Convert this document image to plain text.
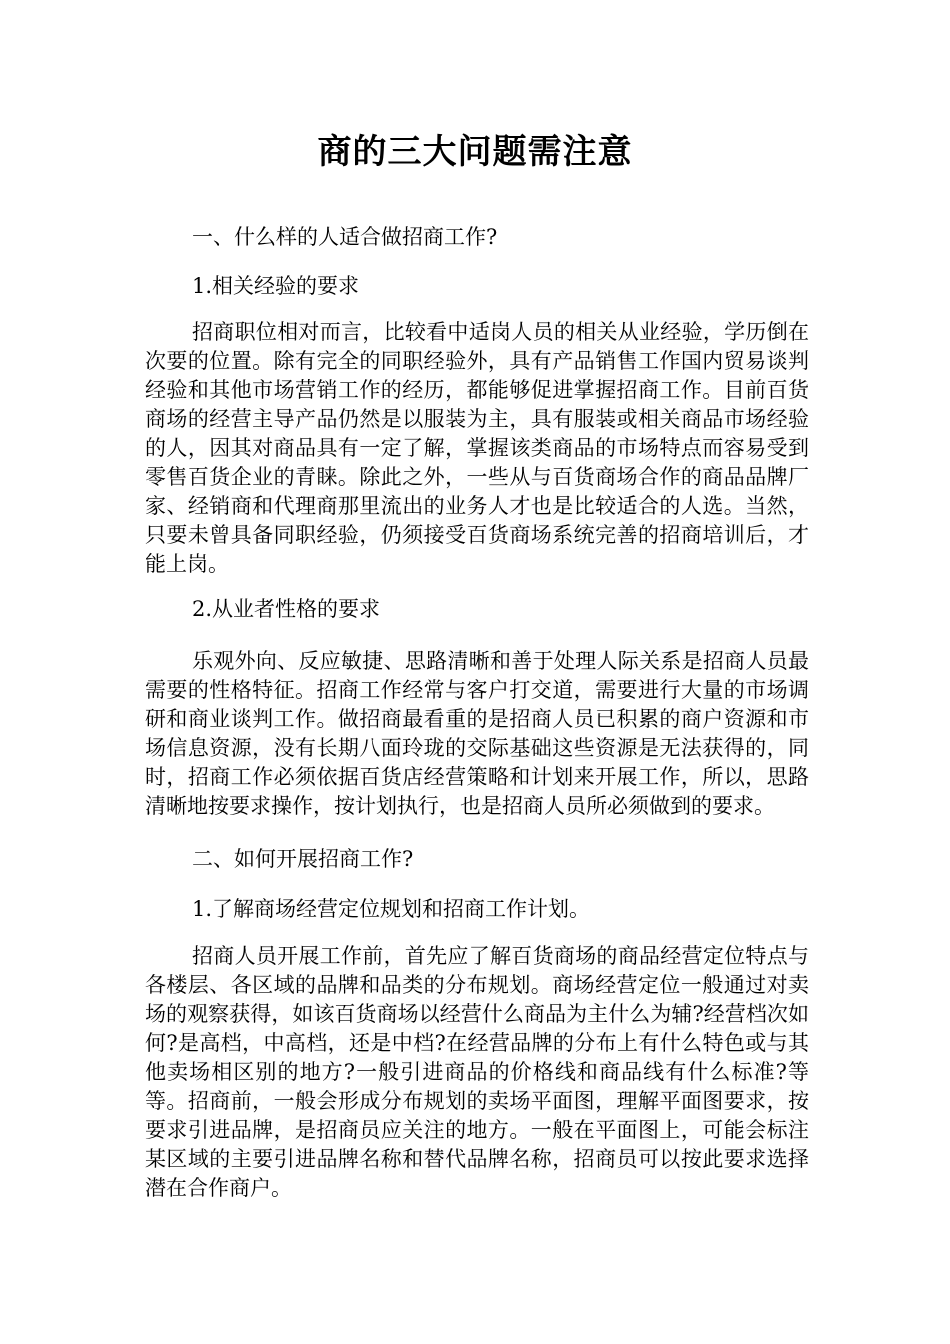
商的三大问题需注意
一、什么样的人适合做招商工作?
1.相关经验的要求
招商职位相对而言，比较看中适岗人员的相关从业经验，学历倒在次要的位置。除有完全的同职经验外，具有产品销售工作国内贸易谈判经验和其他市场营销工作的经历，都能够促进掌握招商工作。目前百货商场的经营主导产品仍然是以服装为主，具有服装或相关商品市场经验的人，因其对商品具有一定了解，掌握该类商品的市场特点而容易受到零售百货企业的青睐。除此之外，一些从与百货商场合作的商品品牌厂家、经销商和代理商那里流出的业务人才也是比较适合的人选。当然，只要未曾具备同职经验，仍须接受百货商场系统完善的招商培训后，才能上岗。
2.从业者性格的要求
乐观外向、反应敏捷、思路清晰和善于处理人际关系是招商人员最需要的性格特征。招商工作经常与客户打交道，需要进行大量的市场调研和商业谈判工作。做招商最看重的是招商人员已积累的商户资源和市场信息资源，没有长期八面玲珑的交际基础这些资源是无法获得的，同时，招商工作必须依据百货店经营策略和计划来开展工作，所以，思路清晰地按要求操作，按计划执行，也是招商人员所必须做到的要求。
二、如何开展招商工作?
1.了解商场经营定位规划和招商工作计划。
招商人员开展工作前，首先应了解百货商场的商品经营定位特点与各楼层、各区域的品牌和品类的分布规划。商场经营定位一般通过对卖场的观察获得，如该百货商场以经营什么商品为主什么为辅?经营档次如何?是高档，中高档，还是中档?在经营品牌的分布上有什么特色或与其他卖场相区别的地方?一般引进商品的价格线和商品线有什么标准?等等。招商前，一般会形成分布规划的卖场平面图，理解平面图要求，按要求引进品牌，是招商员应关注的地方。一般在平面图上，可能会标注某区域的主要引进品牌名称和替代品牌名称，招商员可以按此要求选择潜在合作商户。
